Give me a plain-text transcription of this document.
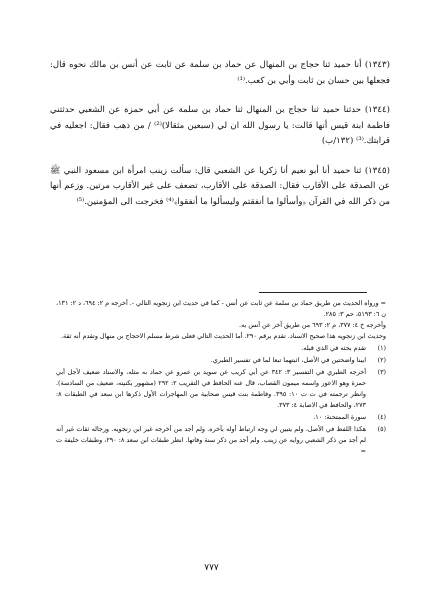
(١٣٤٣) أنا حميد ثنا حجاج بن المنهال عن حماد بن سلمة عن ثابت عن أنس بن مالك نحوه قال: فجعلها بين حسان بن ثابت وأبي بن كعب.⁽¹⁾

(١٣٤٤) حدثنا حميد ثنا حجاج بن المنهال ثنا حماد بن سلمة عن أبي حمزة عن الشعبي حدثتني فاطمة ابنة قيس أنها قالت: يا رسول الله ان لي (سبعين مثقالا)⁽²⁾ / من ذهب فقال: اجعليه في قرابتك.⁽³⁾ (١٣٢/ب)

(١٣٤٥) ثنا حميد أنا أبو نعيم أنا زكريا عن الشعبي قال: سألت زينب امرأة ابن مسعود النبي ﷺ عن الصدقة على الأقارب فقال: الصدقة على الأقارب، تضعف على غير الأقارب مرتين. وزعم أنها من ذكر الله في القرآن ﴿وأسألوا ما أنفقتم وليسألوا ما أنفقوا﴾⁽⁴⁾ فخرجت الى المؤمنين.⁽⁵⁾

= ورواه الحديث من طريق حماد بن سلمة عن ثابت عن أنس - كما في حديث ابن زنجويه التالي -. أخرجه م ٢: ٦٩٤، د ٢: ١٣١، ن ٦: ٥١٩٣، حم ٣: ٢٨٥.

وأخرجه خ ٤: ٣٧٧، م ٢: ٦٩٣ من طريق آخر عن أنس به.

وحديث ابن زنجويه هذا صحيح الاسناد. تقدم برقم ٢٩٠. أما الحديث التالي فعلى شرط مسلم الاحجاج بن منهال وتقدم أنه ثقة.

(١)
تقدم بحثه في الذي قبله.
(٢)
ايبنا واضحتين في الأصل، اثبتهما تبعا لما في تفسير الطبري.
(٣)
أخرجه الطبري في التفسير ٣: ٣٤٢ عن أبي كريب عن سويد بن عمرو عن حماد به مثله، والاسناد ضعيف لأجل أبي حمزة وهو الاعور واسمه ميمون القصاب، قال عنه الحافظ في التقريب ٢: ٢٩٢ (مشهور بكنيته، ضعيف من السادسة). وانظر ترجمته في ت ت ١٠: ٣٩٥. وفاطمة بنت قيس صحابية من المهاجرات الأول ذكرها ابن سعد في الطبقات ٨: ٢٧٣، والحافظ في الاصابة ٤: ٣٧٣.
(٤)
سورة الممتحنة: ١٠.
(٥)
هكذا اللفظ في الأصل، ولم يتبين لي وجه ارتباط أوله بآخره. ولم أجد من أخرجه غير ابن زنجويه. ورجاله ثقات غير أنه لم أجد من ذكر الشعبي روايه عن زينب. ولم أجد من ذكر سنة وفاتها. انظر طبقات ابن سعد ٨: ٢٩٠، وطبقات خليفة ت =
٧٧٧
